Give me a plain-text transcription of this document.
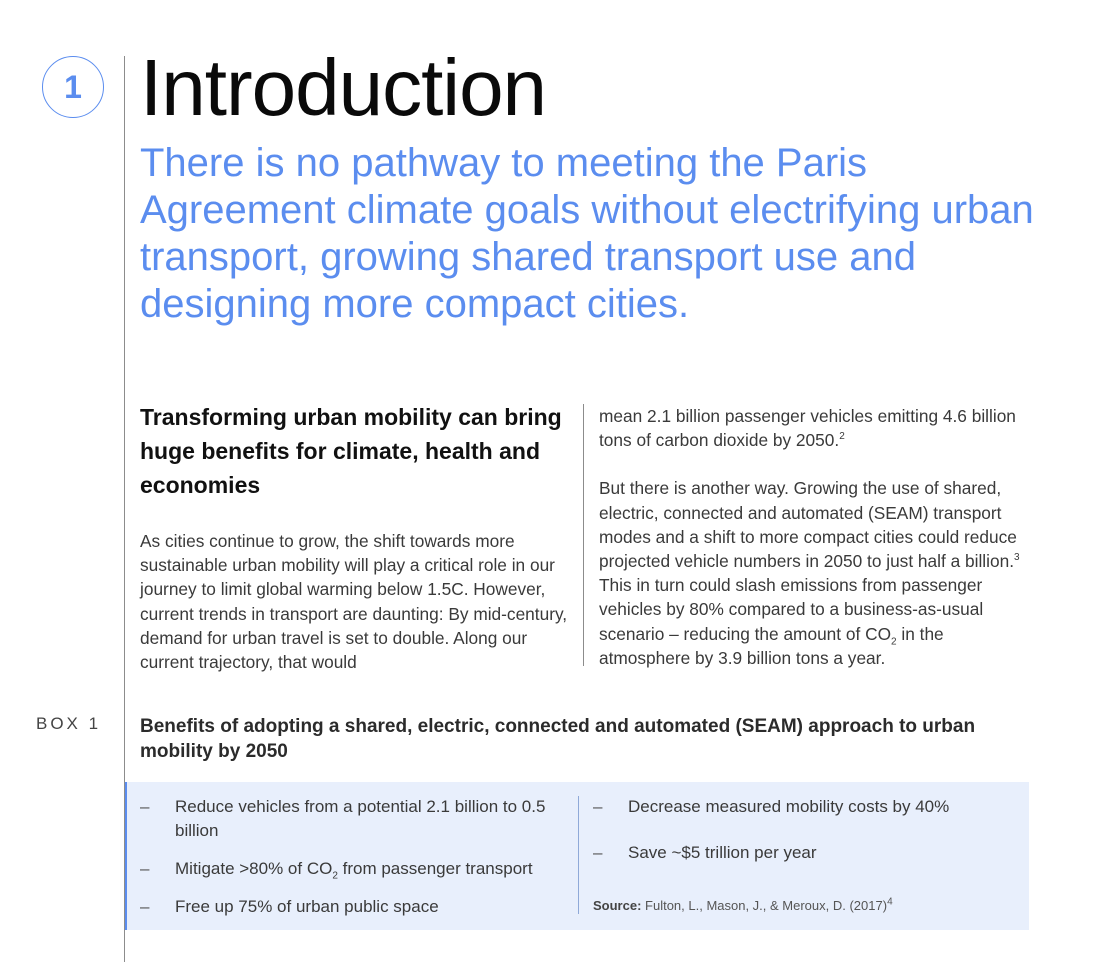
1 Introduction

There is no pathway to meeting the Paris Agreement climate goals without electrifying urban transport, growing shared transport use and designing more compact cities.

Transforming urban mobility can bring huge benefits for climate, health and economies

As cities continue to grow, the shift towards more sustainable urban mobility will play a critical role in our journey to limit global warming below 1.5C. However, current trends in transport are daunting: By mid-century, demand for urban travel is set to double. Along our current trajectory, that would

mean 2.1 billion passenger vehicles emitting 4.6 billion tons of carbon dioxide by 2050.$^2$

But there is another way. Growing the use of shared, electric, connected and automated (SEAM) transport modes and a shift to more compact cities could reduce projected vehicle numbers in 2050 to just half a billion.$^3$ This in turn could slash emissions from passenger vehicles by 80% compared to a business-as-usual scenario – reducing the amount of $CO_2$ in the atmosphere by 3.9 billion tons a year.

BOX 1 Benefits of adopting a shared, electric, connected and automated (SEAM) approach to urban mobility by 2050

– Reduce vehicles from a potential 2.1 billion to 0.5 billion
– Mitigate >80% of $CO_2$ from passenger transport
– Free up 75% of urban public space
– Decrease measured mobility costs by 40%
– Save ~$5 trillion per year
Source: Fulton, L., Mason, J., & Meroux, D. $(2017)^4$
